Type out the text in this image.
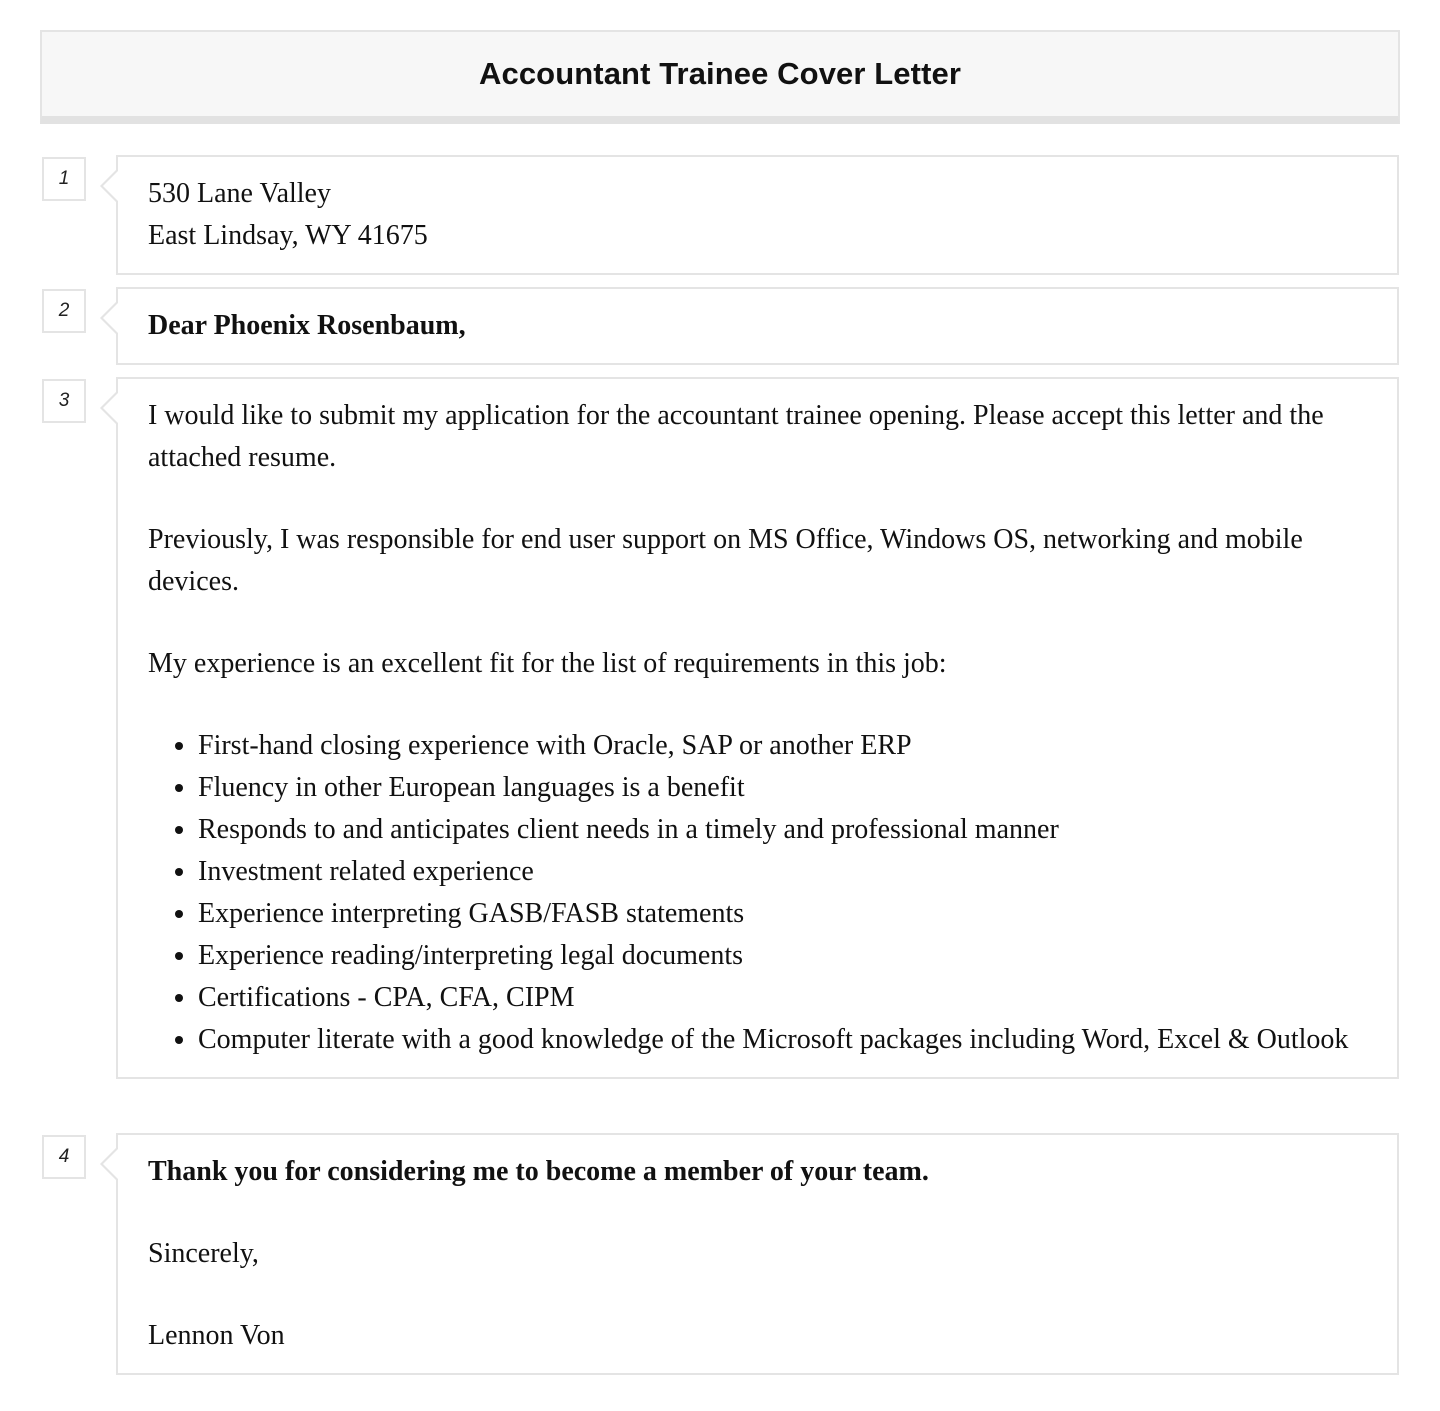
Accountant Trainee Cover Letter
1	530 Lane Valley
East Lindsay, WY 41675
2	Dear Phoenix Rosenbaum,
3	I would like to submit my application for the accountant trainee opening. Please accept this letter and the attached resume.

Previously, I was responsible for end user support on MS Office, Windows OS, networking and mobile devices.

My experience is an excellent fit for the list of requirements in this job:

• First-hand closing experience with Oracle, SAP or another ERP
• Fluency in other European languages is a benefit
• Responds to and anticipates client needs in a timely and professional manner
• Investment related experience
• Experience interpreting GASB/FASB statements
• Experience reading/interpreting legal documents
• Certifications - CPA, CFA, CIPM
• Computer literate with a good knowledge of the Microsoft packages including Word, Excel & Outlook
4	Thank you for considering me to become a member of your team.

Sincerely,

Lennon Von
